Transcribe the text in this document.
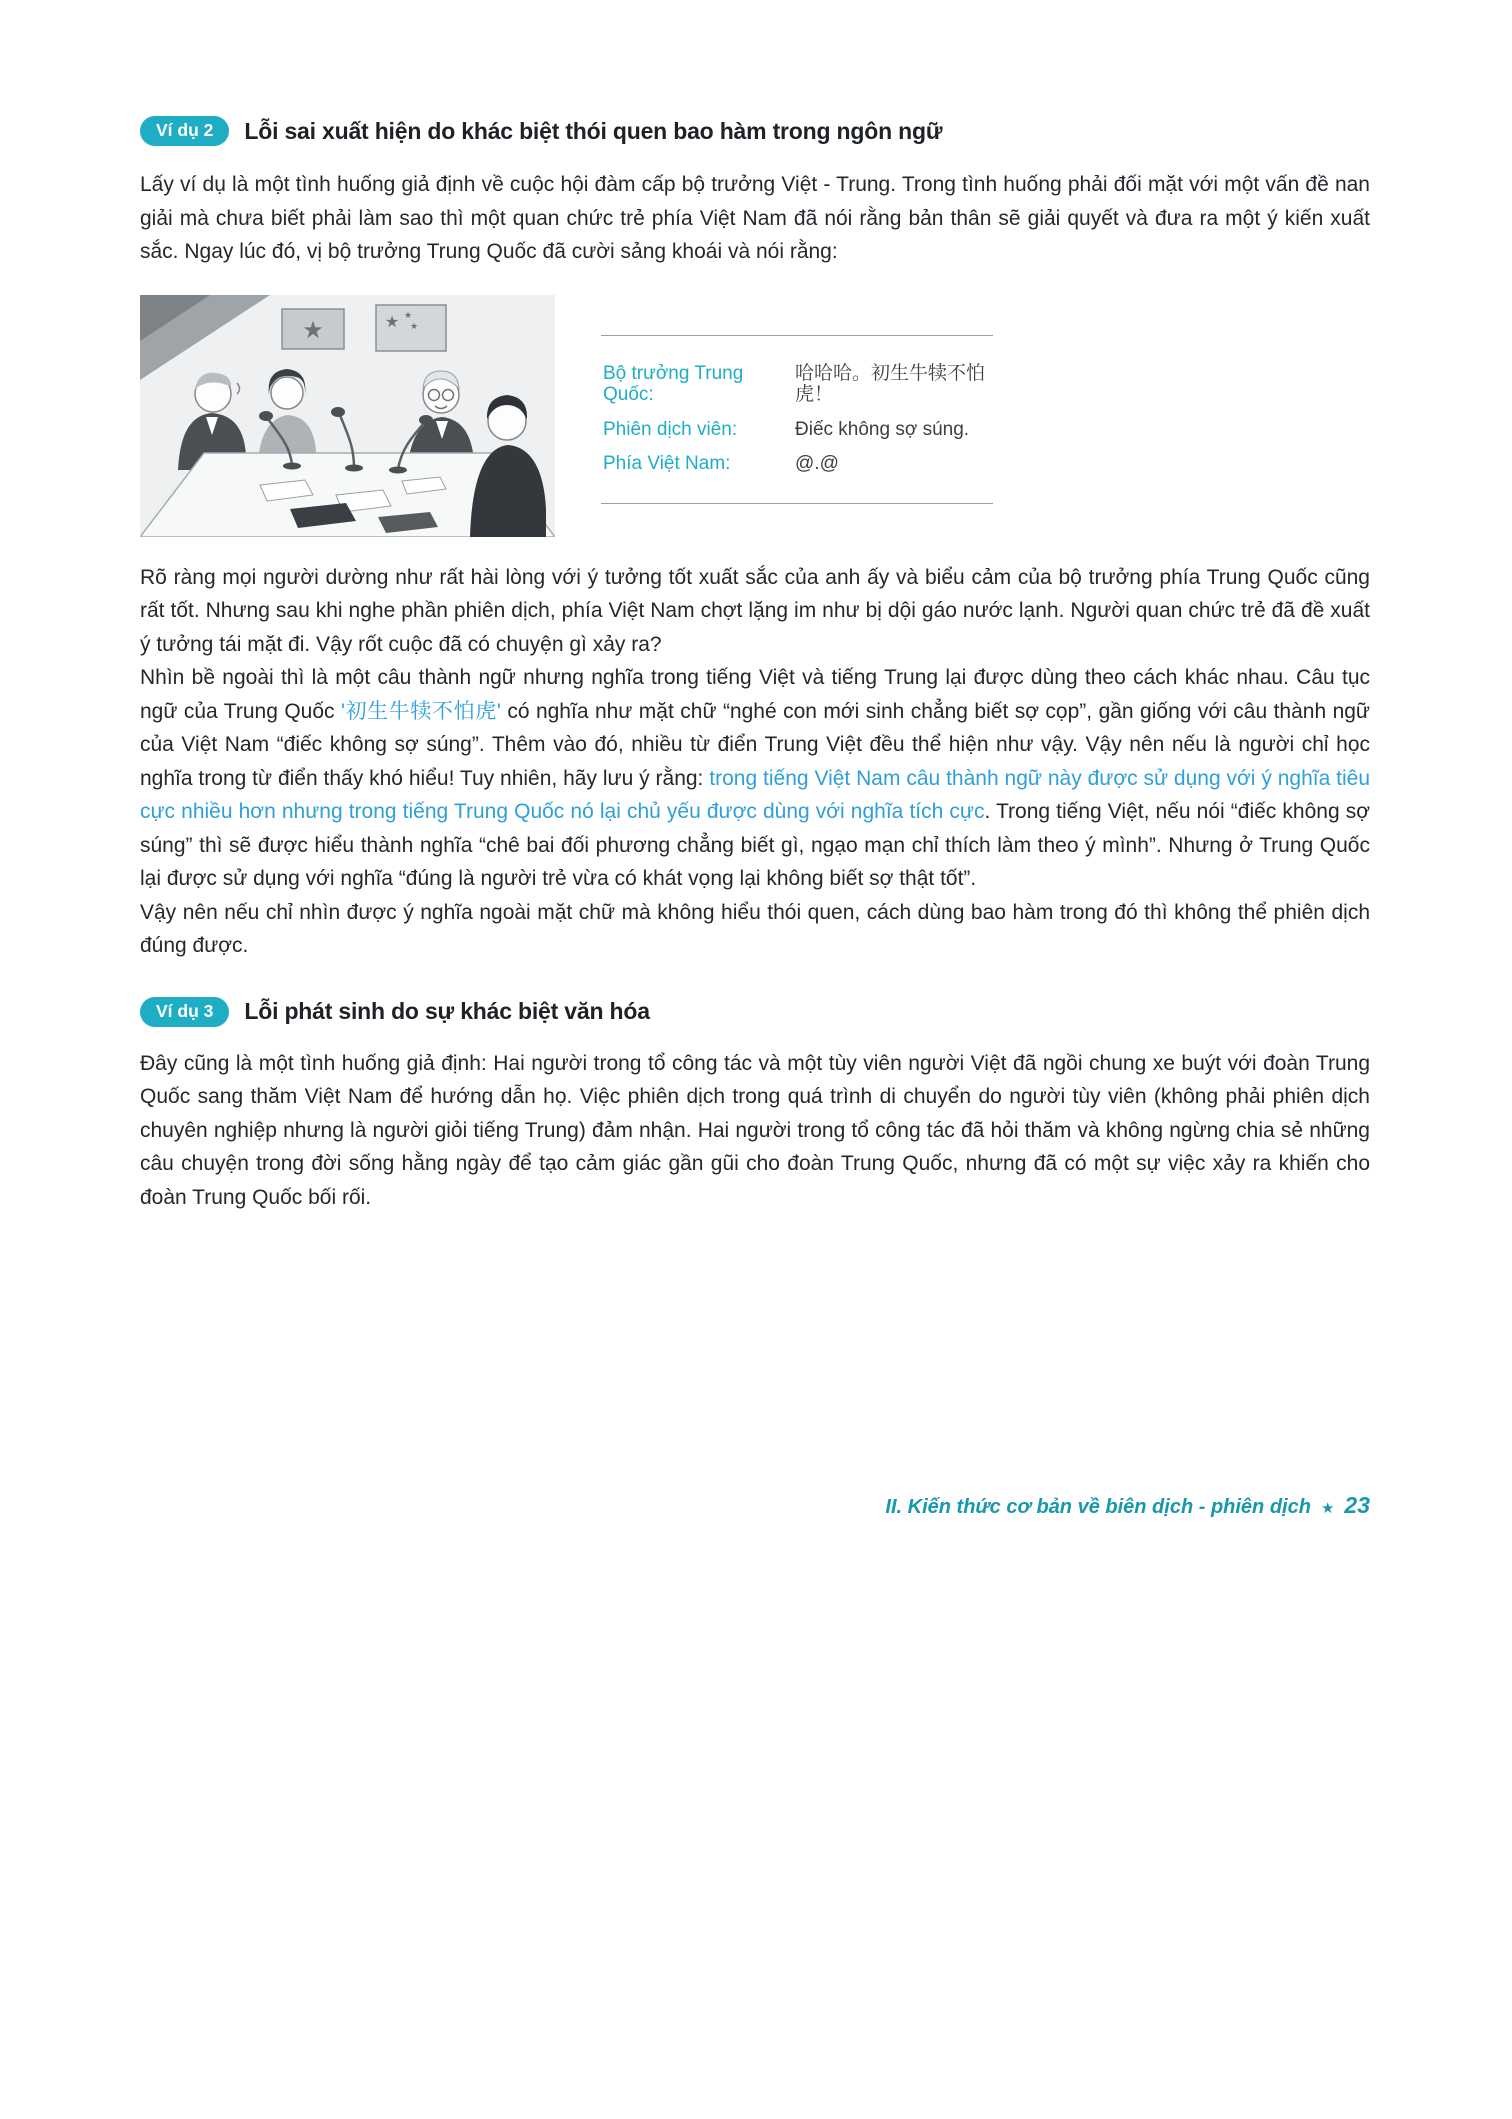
Ví dụ 2	Lỗi sai xuất hiện do khác biệt thói quen bao hàm trong ngôn ngữ

Lấy ví dụ là một tình huống giả định về cuộc hội đàm cấp bộ trưởng Việt - Trung. Trong tình huống phải đối mặt với một vấn đề nan giải mà chưa biết phải làm sao thì một quan chức trẻ phía Việt Nam đã nói rằng bản thân sẽ giải quyết và đưa ra một ý kiến xuất sắc. Ngay lúc đó, vị bộ trưởng Trung Quốc đã cười sảng khoái và nói rằng:

★	★ ★
★
Bộ trưởng Trung Quốc:
哈哈哈。初生牛犊不怕虎！
Phiên dịch viên:	Điếc không sợ súng.
Phía Việt Nam:	@.@

Rõ ràng mọi người dường như rất hài lòng với ý tưởng tốt xuất sắc của anh ấy và biểu cảm của bộ trưởng phía Trung Quốc cũng rất tốt. Nhưng sau khi nghe phần phiên dịch, phía Việt Nam chợt lặng im như bị dội gáo nước lạnh. Người quan chức trẻ đã đề xuất ý tưởng tái mặt đi. Vậy rốt cuộc đã có chuyện gì xảy ra?

Nhìn bề ngoài thì là một câu thành ngữ nhưng nghĩa trong tiếng Việt và tiếng Trung lại được dùng theo cách khác nhau. Câu tục ngữ của Trung Quốc '初生牛犊不怕虎' có nghĩa như mặt chữ “nghé con mới sinh chẳng biết sợ cọp”, gần giống với câu thành ngữ của Việt Nam “điếc không sợ súng”. Thêm vào đó, nhiều từ điển Trung Việt đều thể hiện như vậy. Vậy nên nếu là người chỉ học nghĩa trong từ điển thấy khó hiểu! Tuy nhiên, hãy lưu ý rằng: trong tiếng Việt Nam câu thành ngữ này được sử dụng với ý nghĩa tiêu cực nhiều hơn nhưng trong tiếng Trung Quốc nó lại chủ yếu được dùng với nghĩa tích cực. Trong tiếng Việt, nếu nói “điếc không sợ súng” thì sẽ được hiểu thành nghĩa “chê bai đối phương chẳng biết gì, ngạo mạn chỉ thích làm theo ý mình”. Nhưng ở Trung Quốc lại được sử dụng với nghĩa “đúng là người trẻ vừa có khát vọng lại không biết sợ thật tốt”.

Vậy nên nếu chỉ nhìn được ý nghĩa ngoài mặt chữ mà không hiểu thói quen, cách dùng bao hàm trong đó thì không thể phiên dịch đúng được.

Ví dụ 3	Lỗi phát sinh do sự khác biệt văn hóa

Đây cũng là một tình huống giả định: Hai người trong tổ công tác và một tùy viên người Việt đã ngồi chung xe buýt với đoàn Trung Quốc sang thăm Việt Nam để hướng dẫn họ. Việc phiên dịch trong quá trình di chuyển do người tùy viên (không phải phiên dịch chuyên nghiệp nhưng là người giỏi tiếng Trung) đảm nhận. Hai người trong tổ công tác đã hỏi thăm và không ngừng chia sẻ những câu chuyện trong đời sống hằng ngày để tạo cảm giác gần gũi cho đoàn Trung Quốc, nhưng đã có một sự việc xảy ra khiến cho đoàn Trung Quốc bối rối.

II. Kiến thức cơ bản về biên dịch - phiên dịch ★ 23
